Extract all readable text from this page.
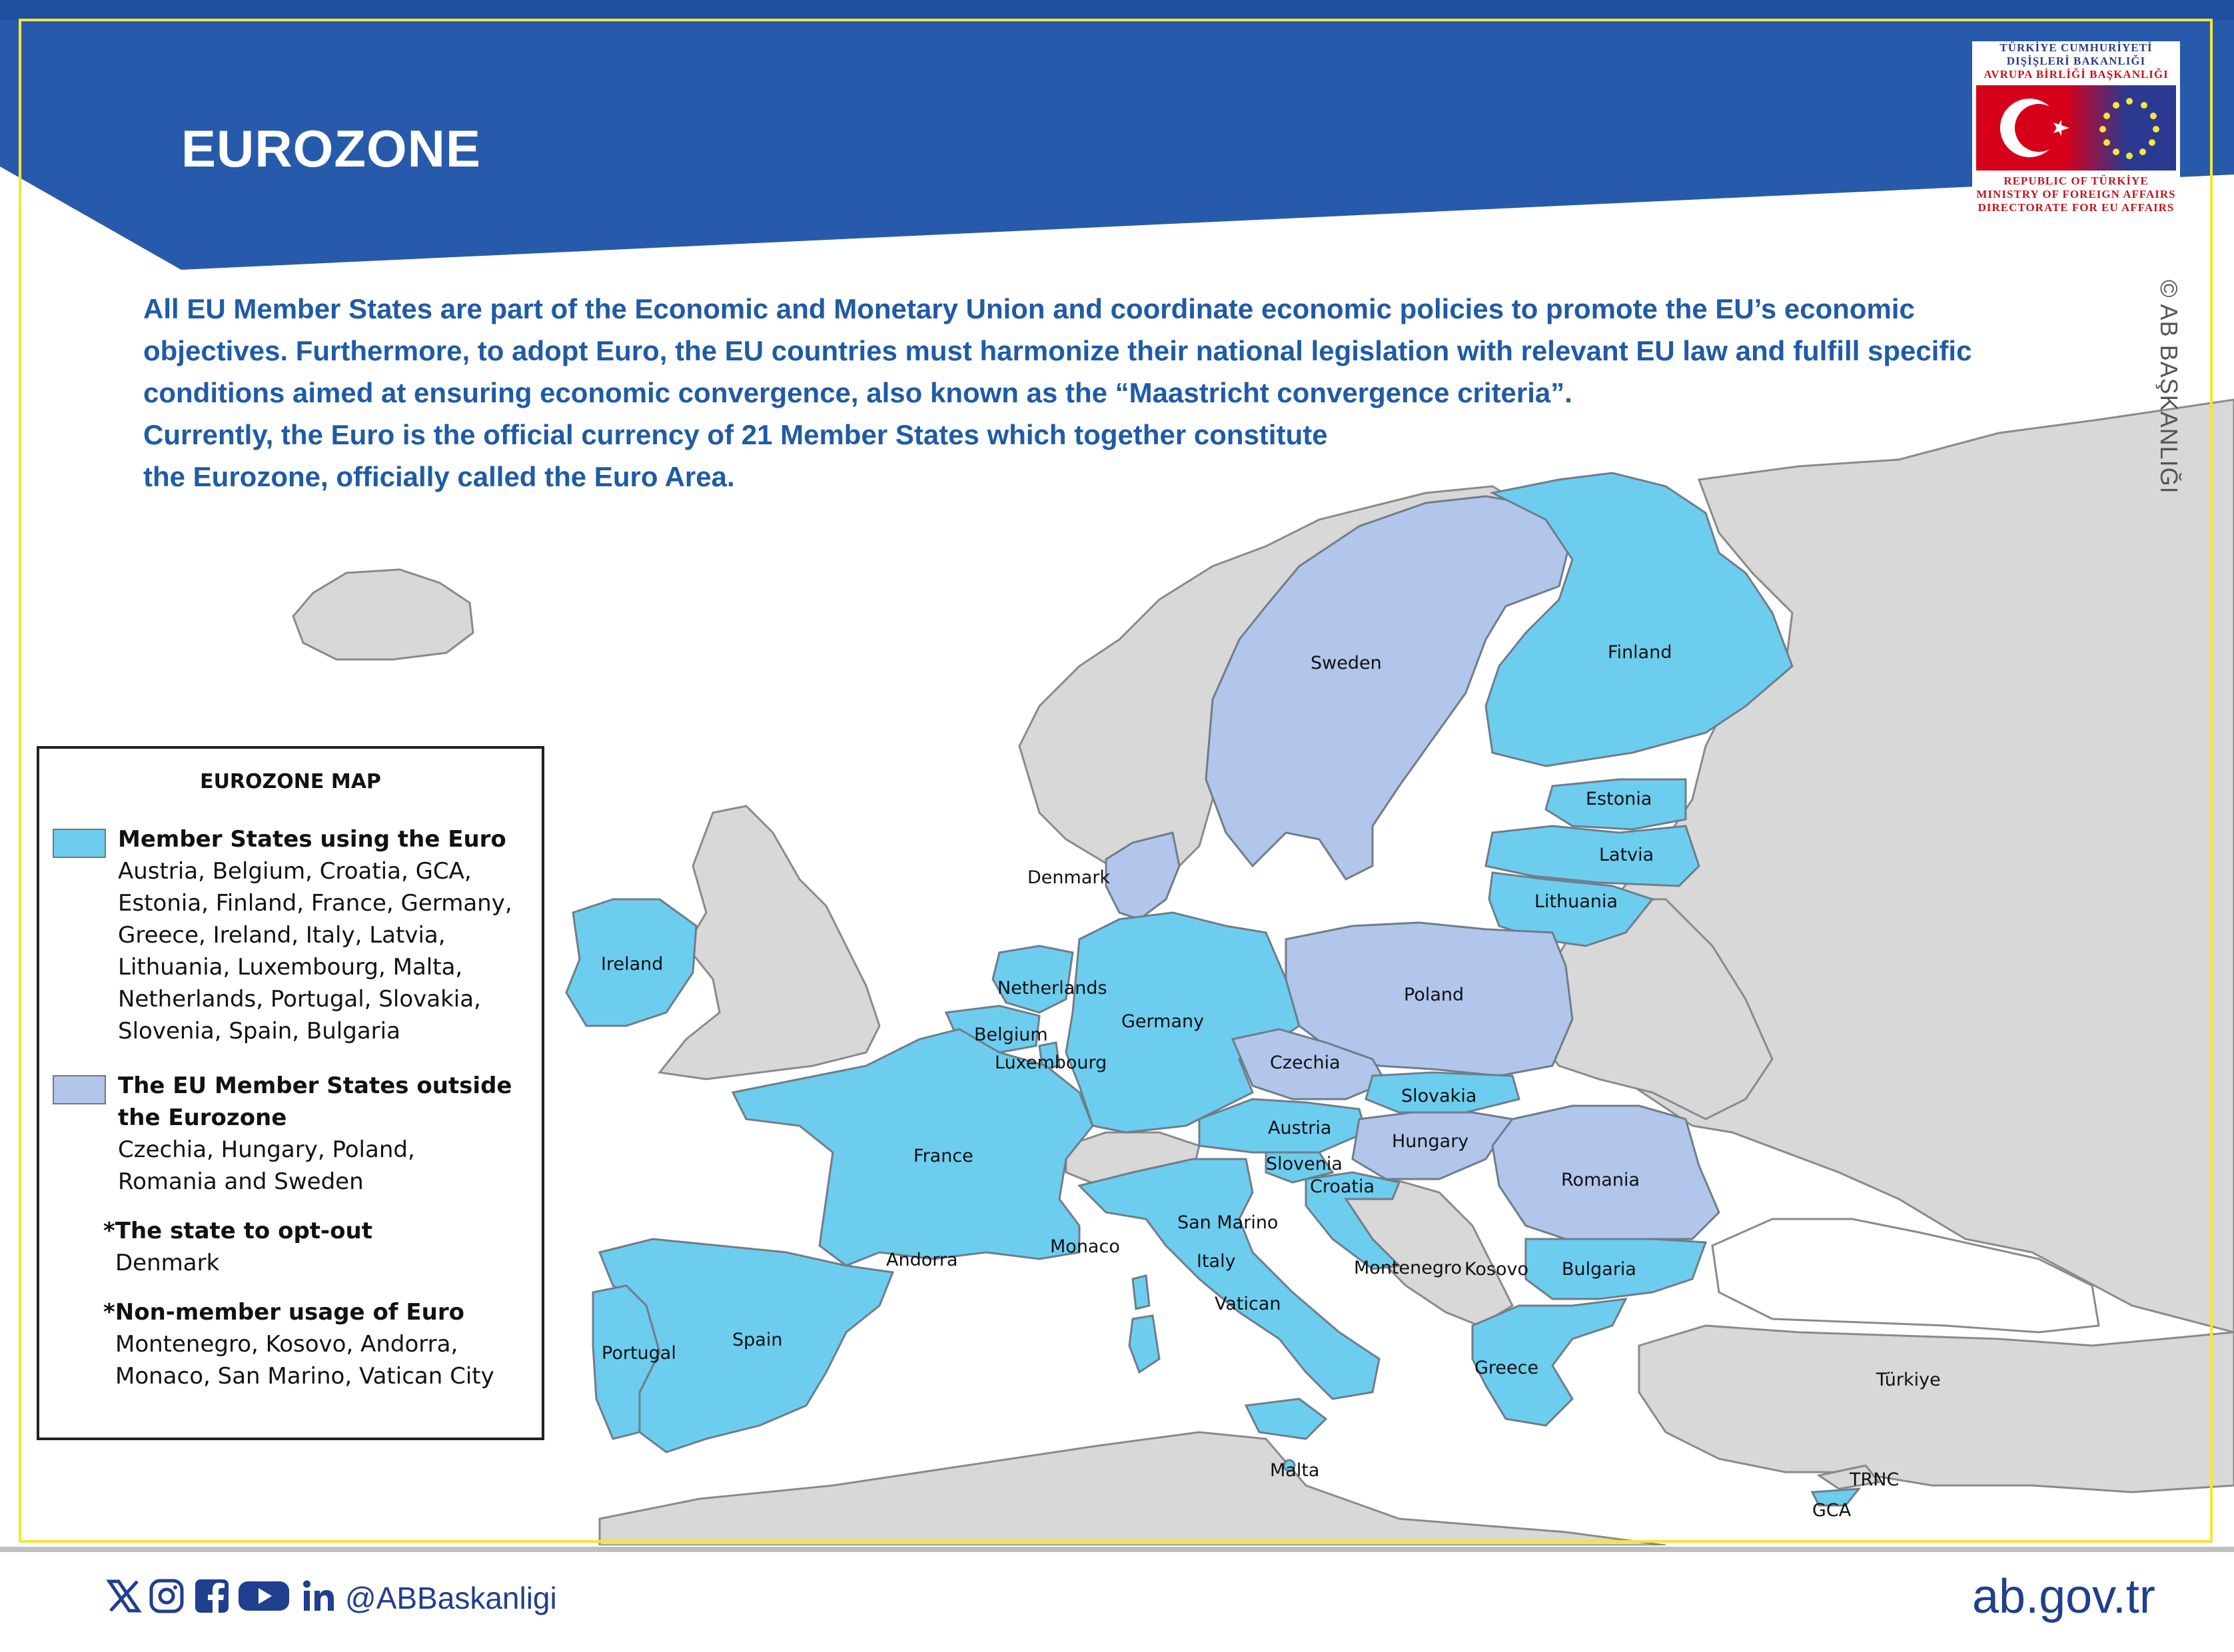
EUROZONE
Sweden
Finland
Estonia
Latvia
Lithuania
Denmark
Ireland
Netherlands
Germany
Poland
Belgium
Luxembourg	Czechia
Slovakia
Austria
Hungary
France	Slovenia
Croatia	Romania
San Marino
Monaco
Andorra	Italy	Montenegro Kosovo Bulgaria
Vatican
Spain
Portugal
Greece
Türkiye
Malta	TRNC
GCA

All EU Member States are part of the Economic and Monetary Union and coordinate economic policies to promote the EU’s economic objectives. Furthermore, to adopt Euro, the EU countries must harmonize their national legislation with relevant EU law and fulfill specific conditions aimed at ensuring economic convergence, also known as the “Maastricht convergence criteria”.

Currently, the Euro is the official currency of 21 Member States which together constitute

the Eurozone, officially called the Euro Area.	© AB BAŞKANLIĞI
TÜRKİYE CUMHURİYETİ
DIŞİŞLERİ BAKANLIĞI
AVRUPA BİRLİĞİ BAŞKANLIĞI
REPUBLIC OF TÜRKİYE
MINISTRY OF FOREIGN AFFAIRS
DIRECTORATE FOR EU AFFAIRS
EUROZONE MAP
Member States using the Euro
Austria, Belgium, Croatia, GCA,
Estonia, Finland, France, Germany,
Greece, Ireland, Italy, Latvia,
Lithuania, Luxembourg, Malta,
Netherlands, Portugal, Slovakia,
Slovenia, Spain, Bulgaria
The EU Member States outside
the Eurozone
Czechia, Hungary, Poland,
Romania and Sweden
*The state to opt-out
Denmark
*Non-member usage of Euro
Montenegro, Kosovo, Andorra,
Monaco, San Marino, Vatican City
@ABBaskanligi	ab.gov.tr
